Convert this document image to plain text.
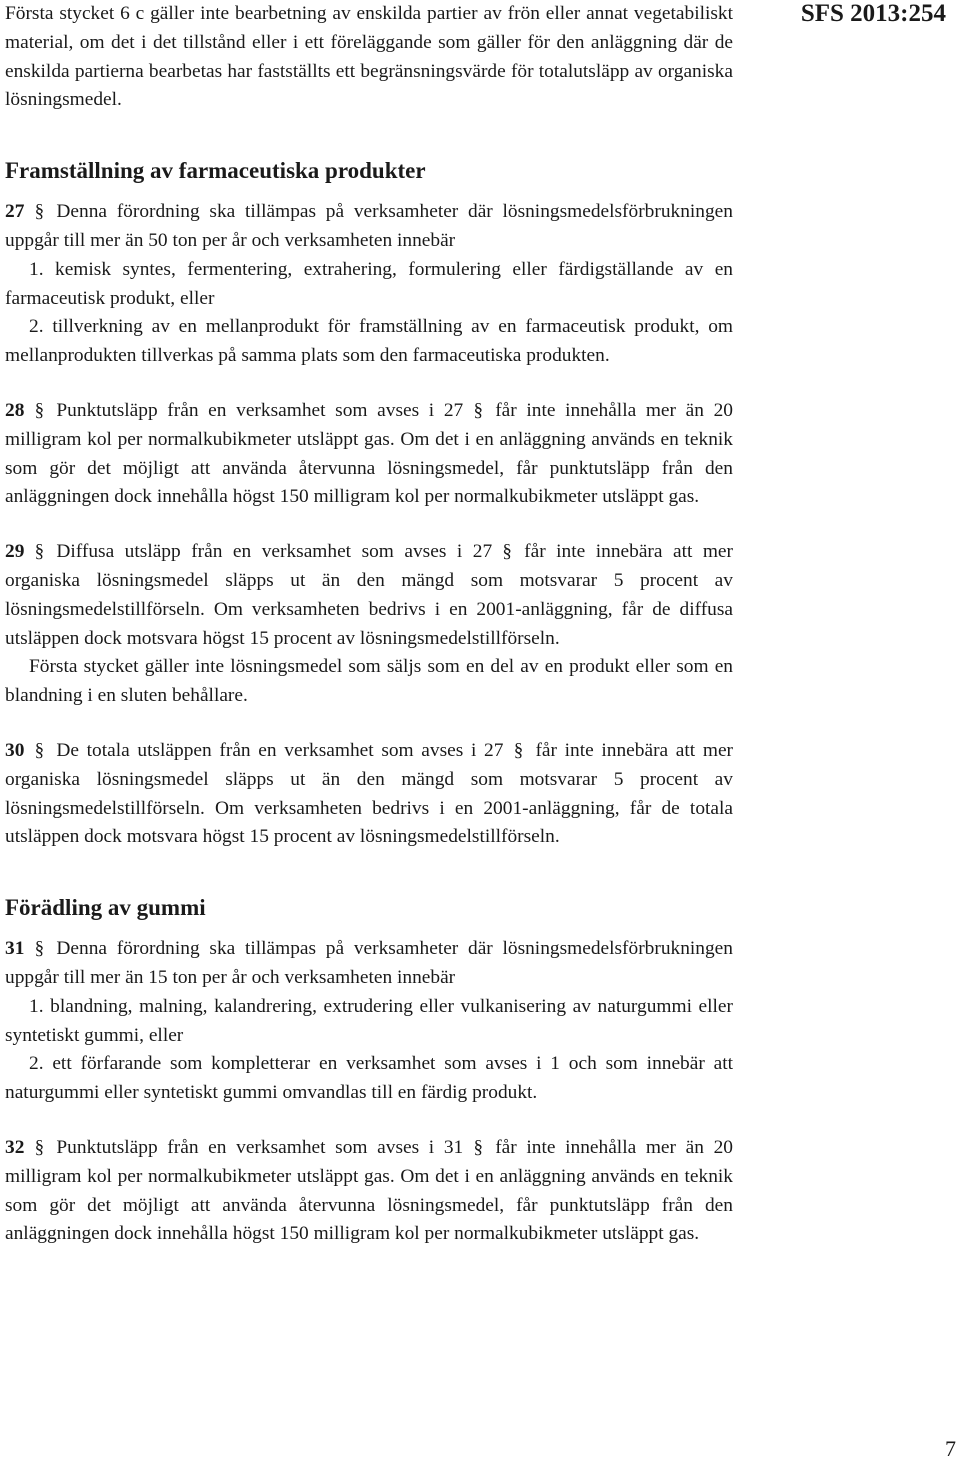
SFS 2013:254

Första stycket 6 c gäller inte bearbetning av enskilda partier av frön eller annat vegetabiliskt material, om det i det tillstånd eller i ett föreläggande som gäller för den anläggning där de enskilda partierna bearbetas har fastställts ett begränsningsvärde för totalutsläpp av organiska lösningsmedel.

Framställning av farmaceutiska produkter

27 § Denna förordning ska tillämpas på verksamheter där lösningsmedelsförbrukningen uppgår till mer än 50 ton per år och verksamheten innebär

1. kemisk syntes, fermentering, extrahering, formulering eller färdigställande av en farmaceutisk produkt, eller

2. tillverkning av en mellanprodukt för framställning av en farmaceutisk produkt, om mellanprodukten tillverkas på samma plats som den farmaceutiska produkten.

28 § Punktutsläpp från en verksamhet som avses i 27 § får inte innehålla mer än 20 milligram kol per normalkubikmeter utsläppt gas. Om det i en anläggning används en teknik som gör det möjligt att använda återvunna lösningsmedel, får punktutsläpp från den anläggningen dock innehålla högst 150 milligram kol per normalkubikmeter utsläppt gas.

29 § Diffusa utsläpp från en verksamhet som avses i 27 § får inte innebära att mer organiska lösningsmedel släpps ut än den mängd som motsvarar 5 procent av lösningsmedelstillförseln. Om verksamheten bedrivs i en 2001-anläggning, får de diffusa utsläppen dock motsvara högst 15 procent av lösningsmedelstillförseln.

Första stycket gäller inte lösningsmedel som säljs som en del av en produkt eller som en blandning i en sluten behållare.

30 § De totala utsläppen från en verksamhet som avses i 27 § får inte innebära att mer organiska lösningsmedel släpps ut än den mängd som motsvarar 5 procent av lösningsmedelstillförseln. Om verksamheten bedrivs i en 2001-anläggning, får de totala utsläppen dock motsvara högst 15 procent av lösningsmedelstillförseln.

Förädling av gummi

31 § Denna förordning ska tillämpas på verksamheter där lösningsmedelsförbrukningen uppgår till mer än 15 ton per år och verksamheten innebär

1. blandning, malning, kalandrering, extrudering eller vulkanisering av naturgummi eller syntetiskt gummi, eller

2. ett förfarande som kompletterar en verksamhet som avses i 1 och som innebär att naturgummi eller syntetiskt gummi omvandlas till en färdig produkt.

32 § Punktutsläpp från en verksamhet som avses i 31 § får inte innehålla mer än 20 milligram kol per normalkubikmeter utsläppt gas. Om det i en anläggning används en teknik som gör det möjligt att använda återvunna lösningsmedel, får punktutsläpp från den anläggningen dock innehålla högst 150 milligram kol per normalkubikmeter utsläppt gas.

7
